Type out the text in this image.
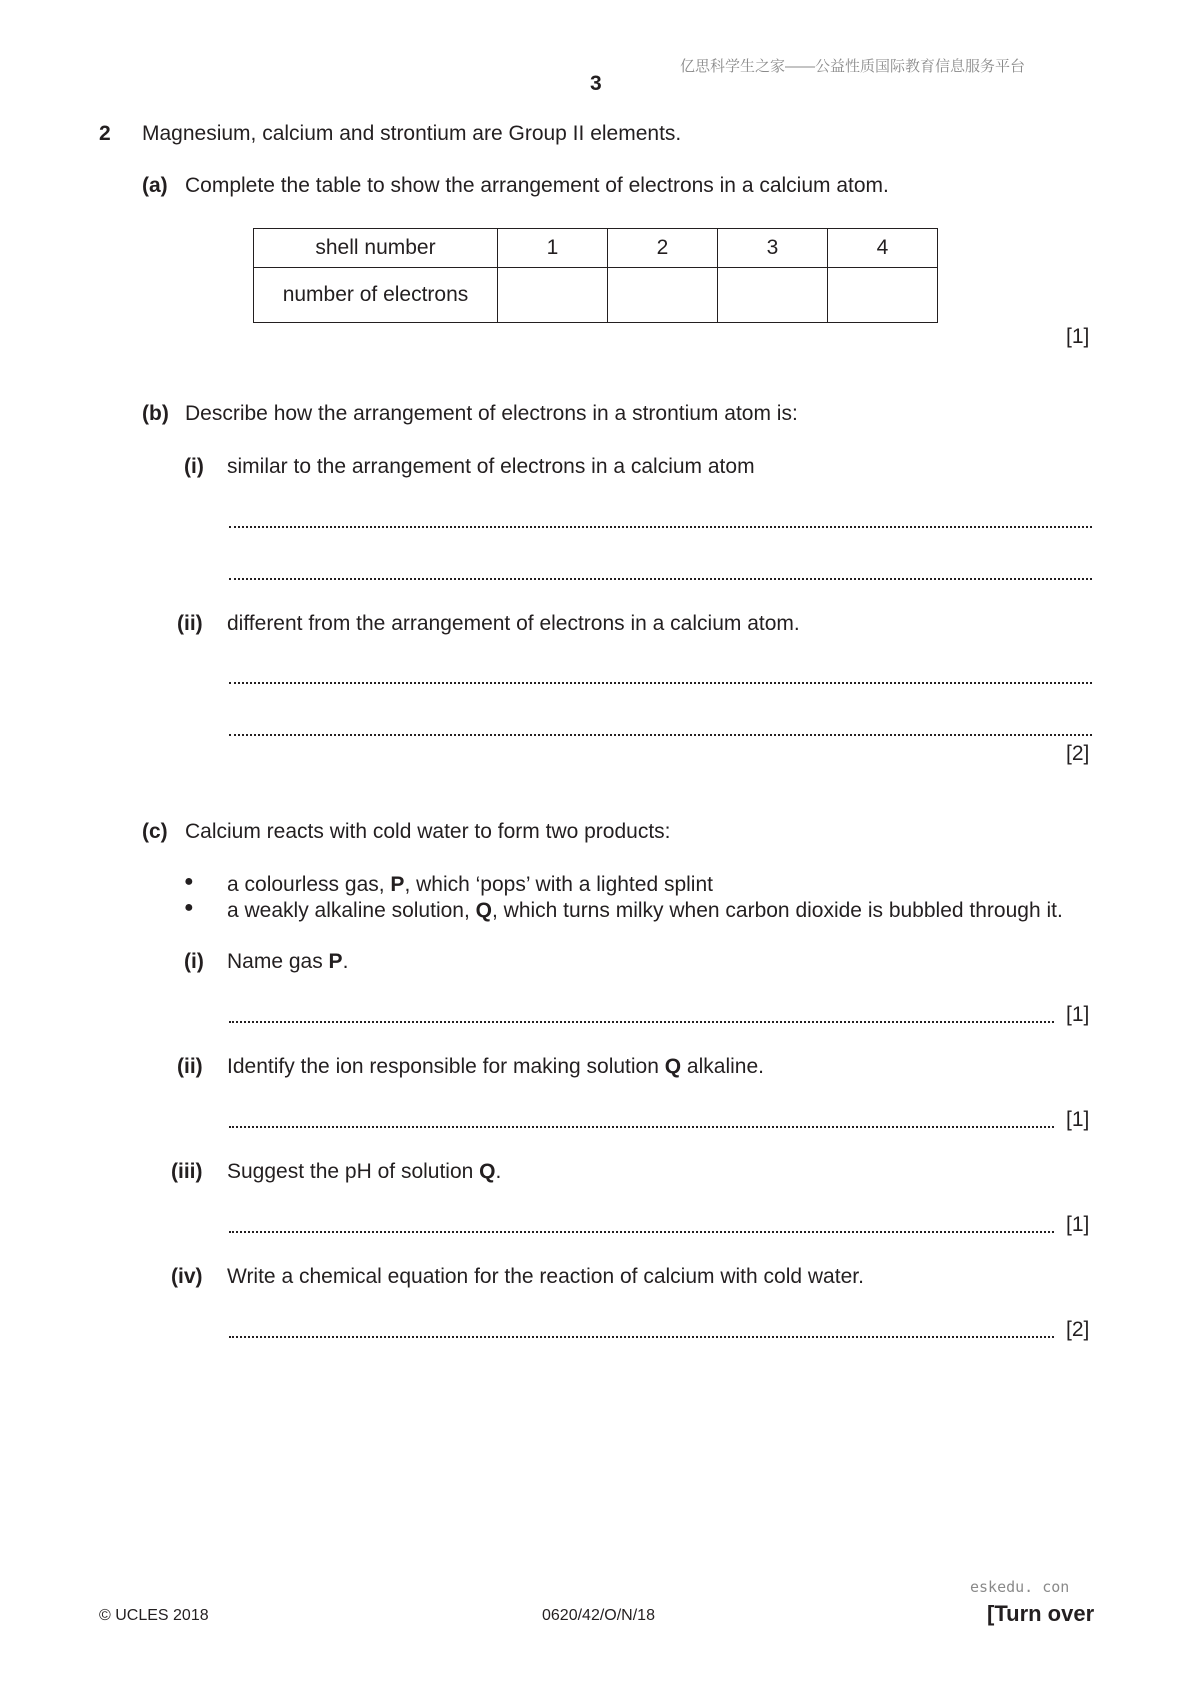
亿思科学生之家——公益性质国际教育信息服务平台
3
2 Magnesium, calcium and strontium are Group II elements.
(a) Complete the table to show the arrangement of electrons in a calcium atom.
shell number	1	2	3	4
number of electrons				
[1]
(b) Describe how the arrangement of electrons in a strontium atom is:
(i) similar to the arrangement of electrons in a calcium atom
(ii) different from the arrangement of electrons in a calcium atom.
[2]
(c) Calcium reacts with cold water to form two products:
● a colourless gas, P, which ‘pops’ with a lighted splint
● a weakly alkaline solution, Q, which turns milky when carbon dioxide is bubbled through it.
(i) Name gas P.
[1]
(ii) Identify the ion responsible for making solution Q alkaline.
[1]
(iii) Suggest the pH of solution Q.
[1]
(iv) Write a chemical equation for the reaction of calcium with cold water.
[2]
eskedu. con
© UCLES 2018	0620/42/O/N/18	[Turn over
